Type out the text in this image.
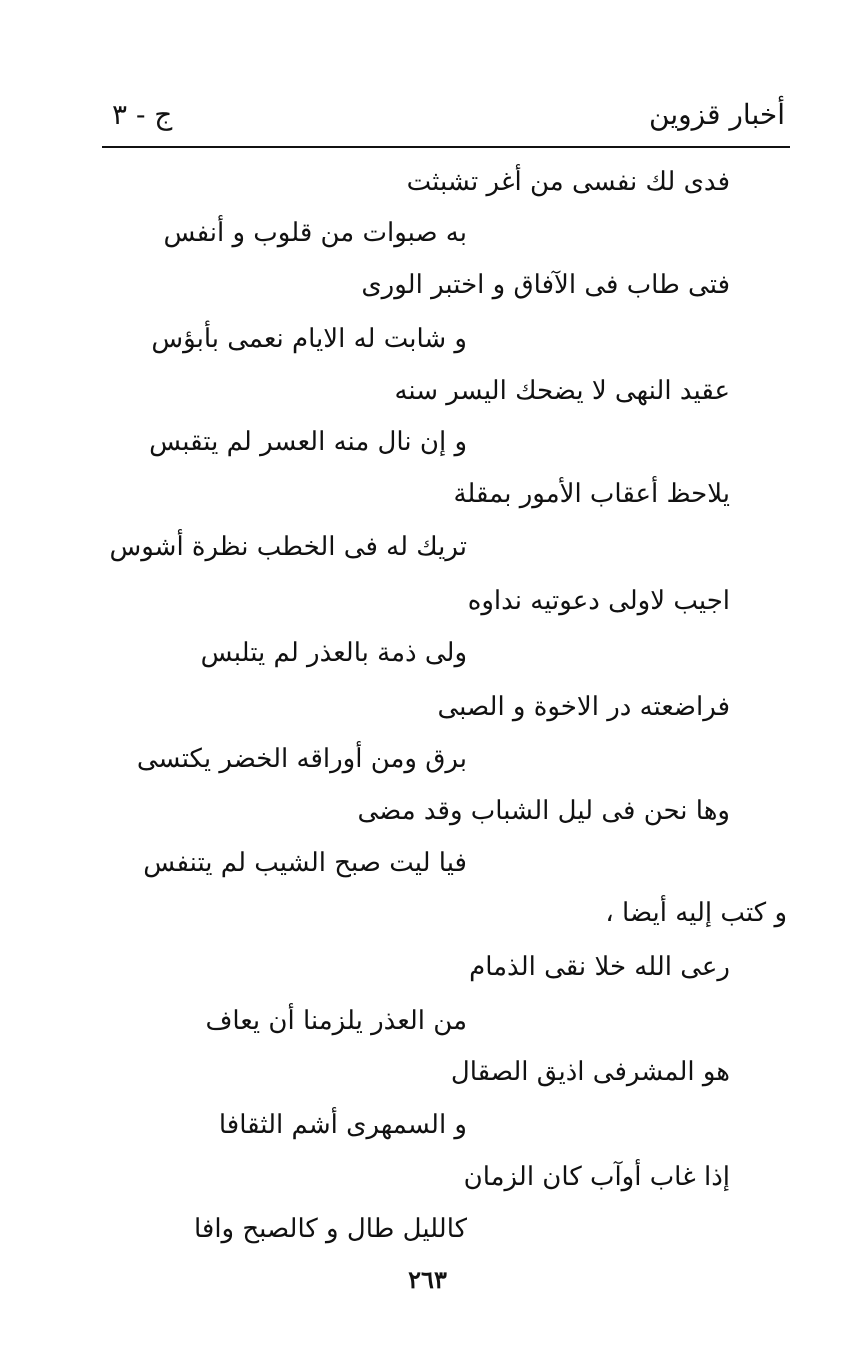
أخبار قزوين
ج - ٣
فدى لك نفسى من أغر تشبثت
به صبوات من قلوب و أنفس
فتى طاب فى الآفاق و اختبر الورى
و شابت له الايام نعمى بأبؤس
عقيد النهى لا يضحك اليسر سنه
و إن نال منه العسر لم يتقبس
يلاحظ أعقاب الأمور بمقلة
تريك له فى الخطب نظرة أشوس
اجيب لاولى دعوتيه نداوه
ولى ذمة بالعذر لم يتلبس
فراضعته در الاخوة و الصبى
برق ومن أوراقه الخضر يكتسى
وها نحن فى ليل الشباب وقد مضى
فيا ليت صبح الشيب لم يتنفس
و كتب إليه أيضا ،
رعى الله خلا نقى الذمام
من العذر يلزمنا أن يعاف
هو المشرفى اذيق الصقال
و السمهرى أشم الثقافا
إذا غاب أوآب كان الزمان
كالليل طال و كالصبح وافا
٢٦٣
